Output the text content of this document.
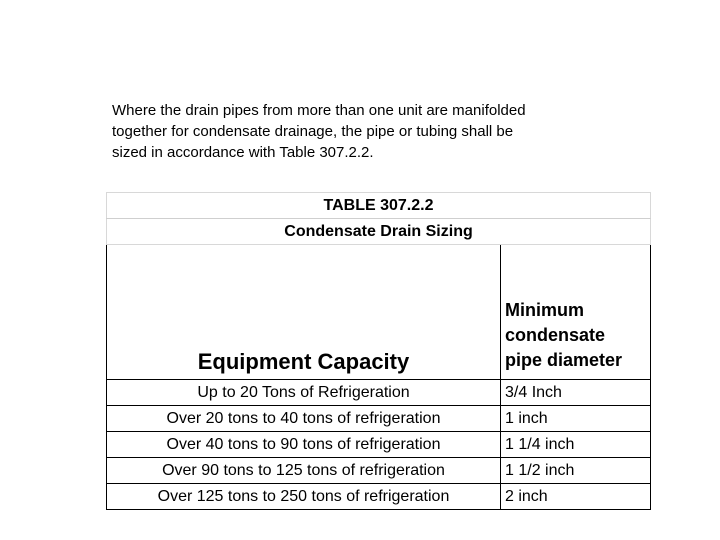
Where the drain pipes from more than one unit are manifolded
together for condensate drainage, the pipe or tubing shall be
sized in accordance with Table 307.2.2.

TABLE 307.2.2	
Condensate Drain Sizing	
Equipment Capacity	Minimum
condensate
pipe diameter

Up to 20 Tons of Refrigeration	3/4 Inch
Over 20 tons to 40 tons of refrigeration	1 inch
Over 40 tons to 90 tons of refrigeration	1 1/4 inch
Over 90 tons to 125 tons of refrigeration	1 1/2 inch
Over 125 tons to 250 tons of refrigeration	2 inch
